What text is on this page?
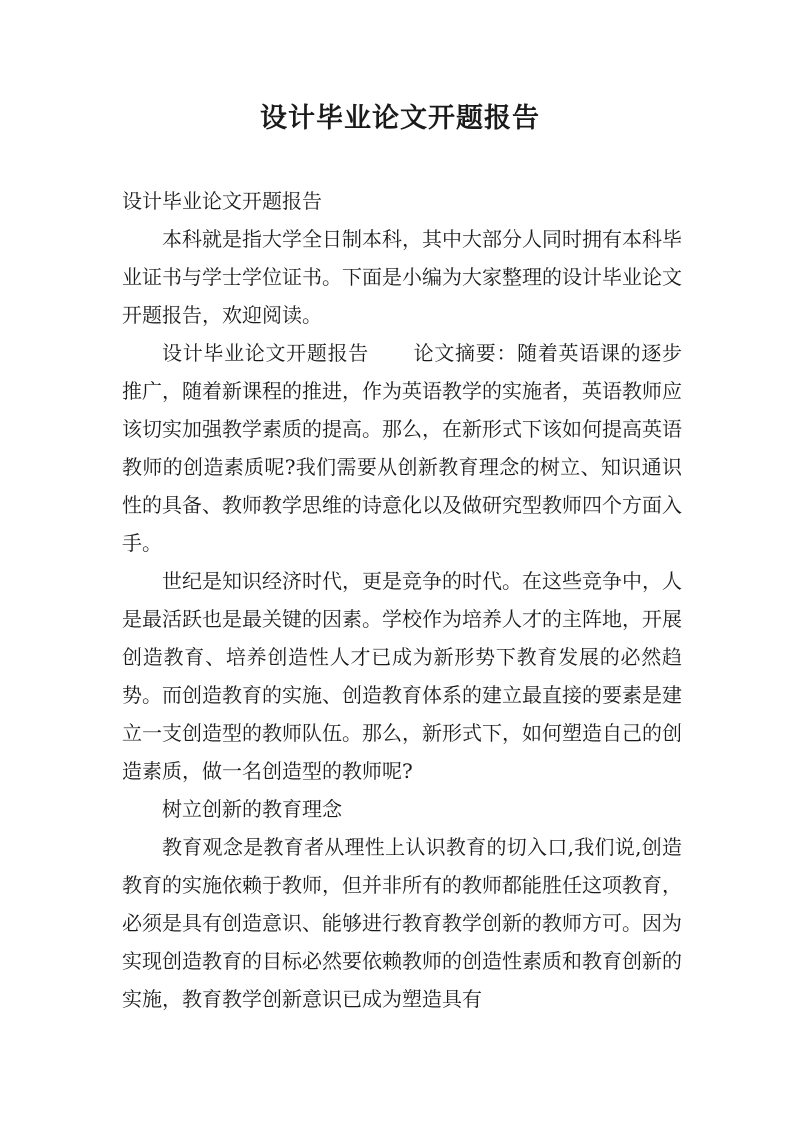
设计毕业论文开题报告

设计毕业论文开题报告

本科就是指大学全日制本科，其中大部分人同时拥有本科毕业证书与学士学位证书。下面是小编为大家整理的设计毕业论文开题报告，欢迎阅读。

设计毕业论文开题报告 论文摘要：随着英语课的逐步推广，随着新课程的推进，作为英语教学的实施者，英语教师应该切实加强教学素质的提高。那么，在新形式下该如何提高英语教师的创造素质呢?我们需要从创新教育理念的树立、知识通识性的具备、教师教学思维的诗意化以及做研究型教师四个方面入手。

世纪是知识经济时代，更是竞争的时代。在这些竞争中，人是最活跃也是最关键的因素。学校作为培养人才的主阵地，开展创造教育、培养创造性人才已成为新形势下教育发展的必然趋势。而创造教育的实施、创造教育体系的建立最直接的要素是建立一支创造型的教师队伍。那么，新形式下，如何塑造自己的创造素质，做一名创造型的教师呢?

树立创新的教育理念

教育观念是教育者从理性上认识教育的切入口,我们说,创造教育的实施依赖于教师，但并非所有的教师都能胜任这项教育，必须是具有创造意识、能够进行教育教学创新的教师方可。因为实现创造教育的目标必然要依赖教师的创造性素质和教育创新的实施，教育教学创新意识已成为塑造具有
